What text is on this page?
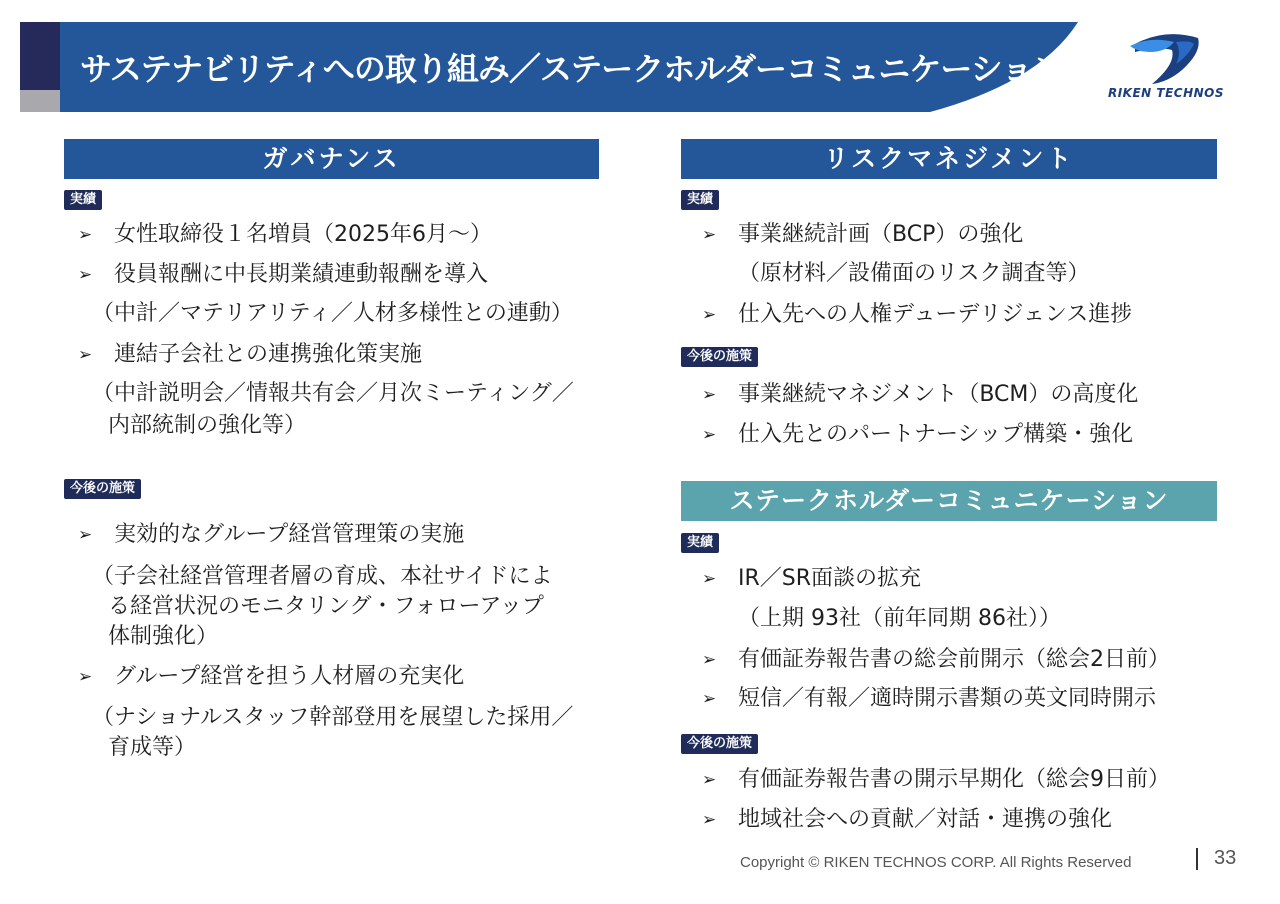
サステナビリティへの取り組み／ステークホルダーコミュニケーション
RIKEN TECHNOS
ガバナンス
実績
➢ 女性取締役１名増員（2025年6月～）
➢ 役員報酬に中長期業績連動報酬を導入
（中計／マテリアリティ／人材多様性との連動）
➢ 連結子会社との連携強化策実施
（中計説明会／情報共有会／月次ミーティング／
内部統制の強化等）
今後の施策
➢ 実効的なグループ経営管理策の実施
（子会社経営管理者層の育成、本社サイドによ
る経営状況のモニタリング・フォローアップ
体制強化）
➢ グループ経営を担う人材層の充実化
（ナショナルスタッフ幹部登用を展望した採用／
育成等）
リスクマネジメント
実績
➢ 事業継続計画（BCP）の強化
（原材料／設備面のリスク調査等）
➢ 仕入先への人権デューデリジェンス進捗
今後の施策
➢ 事業継続マネジメント（BCM）の高度化
➢ 仕入先とのパートナーシップ構築・強化
ステークホルダーコミュニケーション
実績
➢ IR／SR面談の拡充
（上期 93社（前年同期 86社））
➢ 有価証券報告書の総会前開示（総会2日前）
➢ 短信／有報／適時開示書類の英文同時開示
今後の施策
➢ 有価証券報告書の開示早期化（総会9日前）
➢ 地域社会への貢献／対話・連携の強化
Copyright © RIKEN TECHNOS CORP. All Rights Reserved	33
